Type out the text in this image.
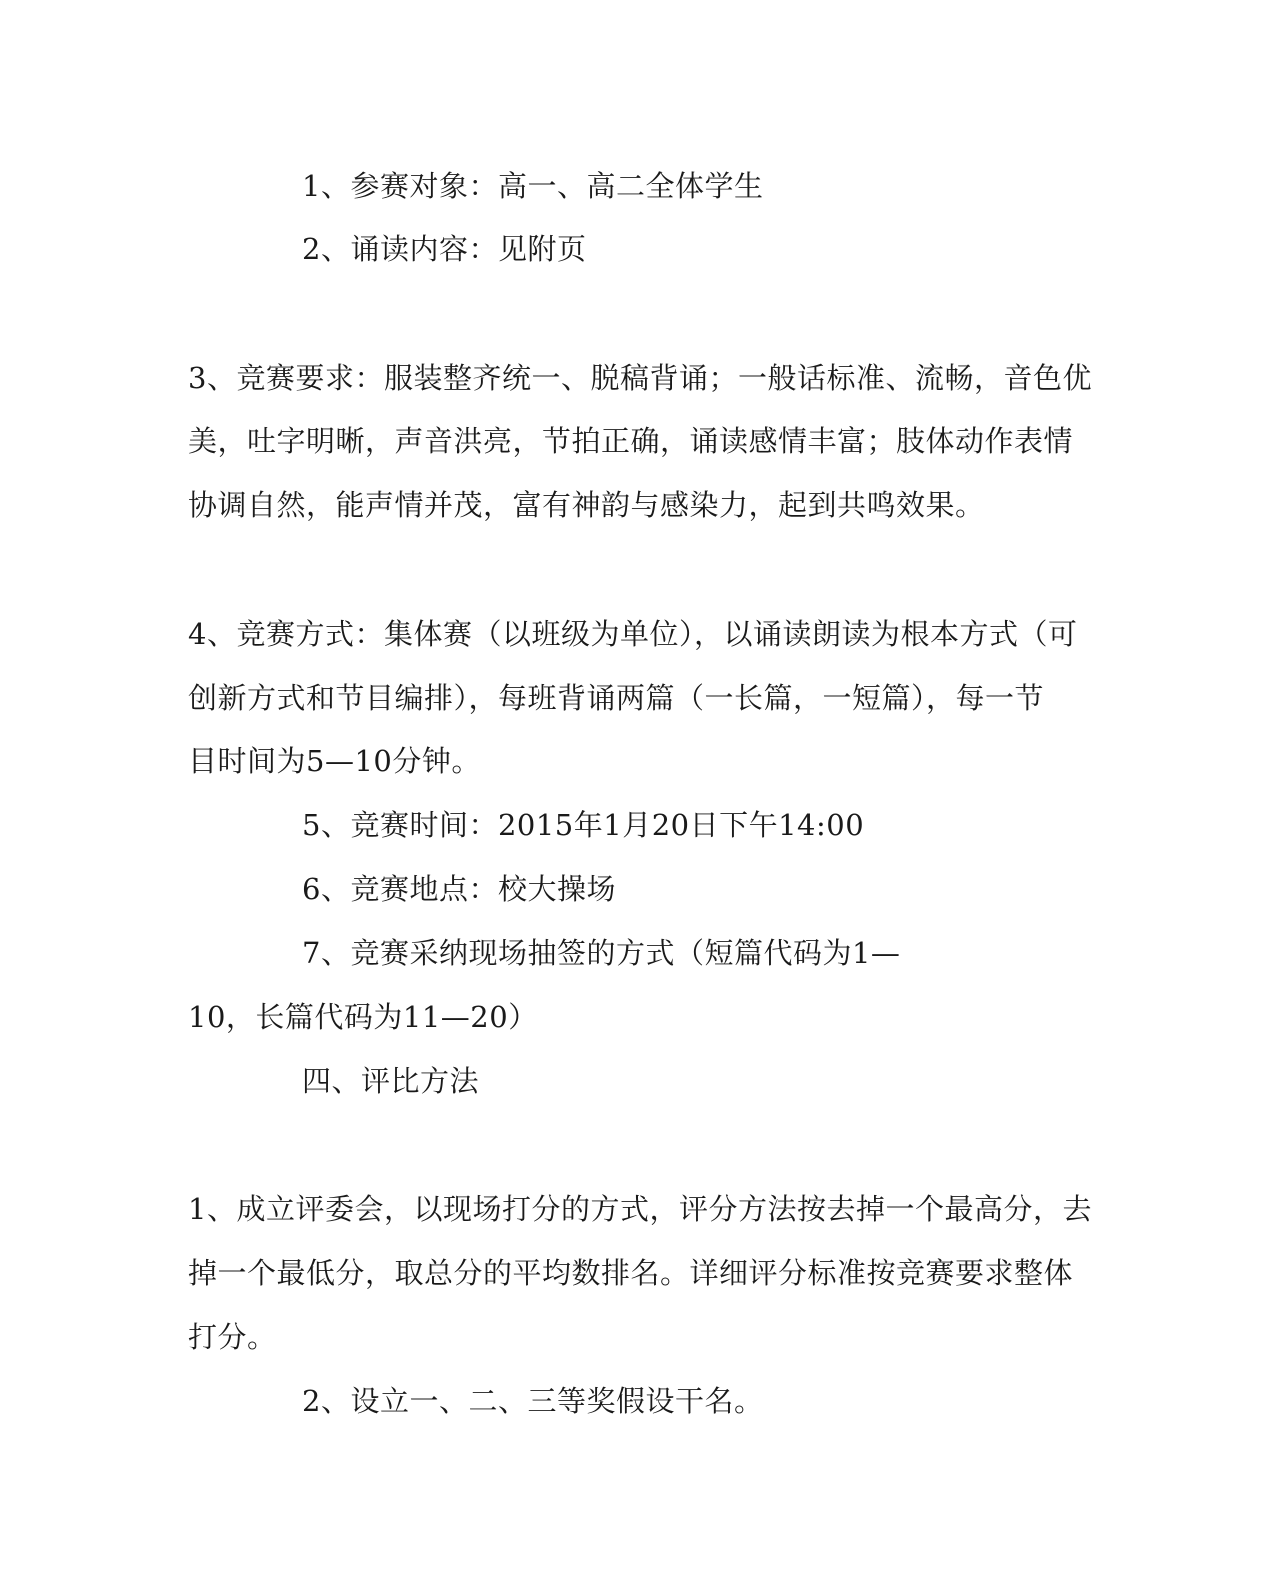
1、参赛对象：高一、高二全体学生
2、诵读内容：见附页
3、竞赛要求：服装整齐统一、脱稿背诵；一般话标准、流畅，音色优
美，吐字明晰，声音洪亮，节拍正确，诵读感情丰富；肢体动作表情
协调自然，能声情并茂，富有神韵与感染力，起到共鸣效果。
4、竞赛方式：集体赛（以班级为单位），以诵读朗读为根本方式（可
创新方式和节目编排），每班背诵两篇（一长篇，一短篇），每一节
目时间为5—10分钟。
5、竞赛时间：2015年1月20日下午14:00
6、竞赛地点：校大操场
7、竞赛采纳现场抽签的方式（短篇代码为1—
10，长篇代码为11—20）
四、评比方法
1、成立评委会，以现场打分的方式，评分方法按去掉一个最高分，去
掉一个最低分，取总分的平均数排名。详细评分标准按竞赛要求整体
打分。
2、设立一、二、三等奖假设干名。
